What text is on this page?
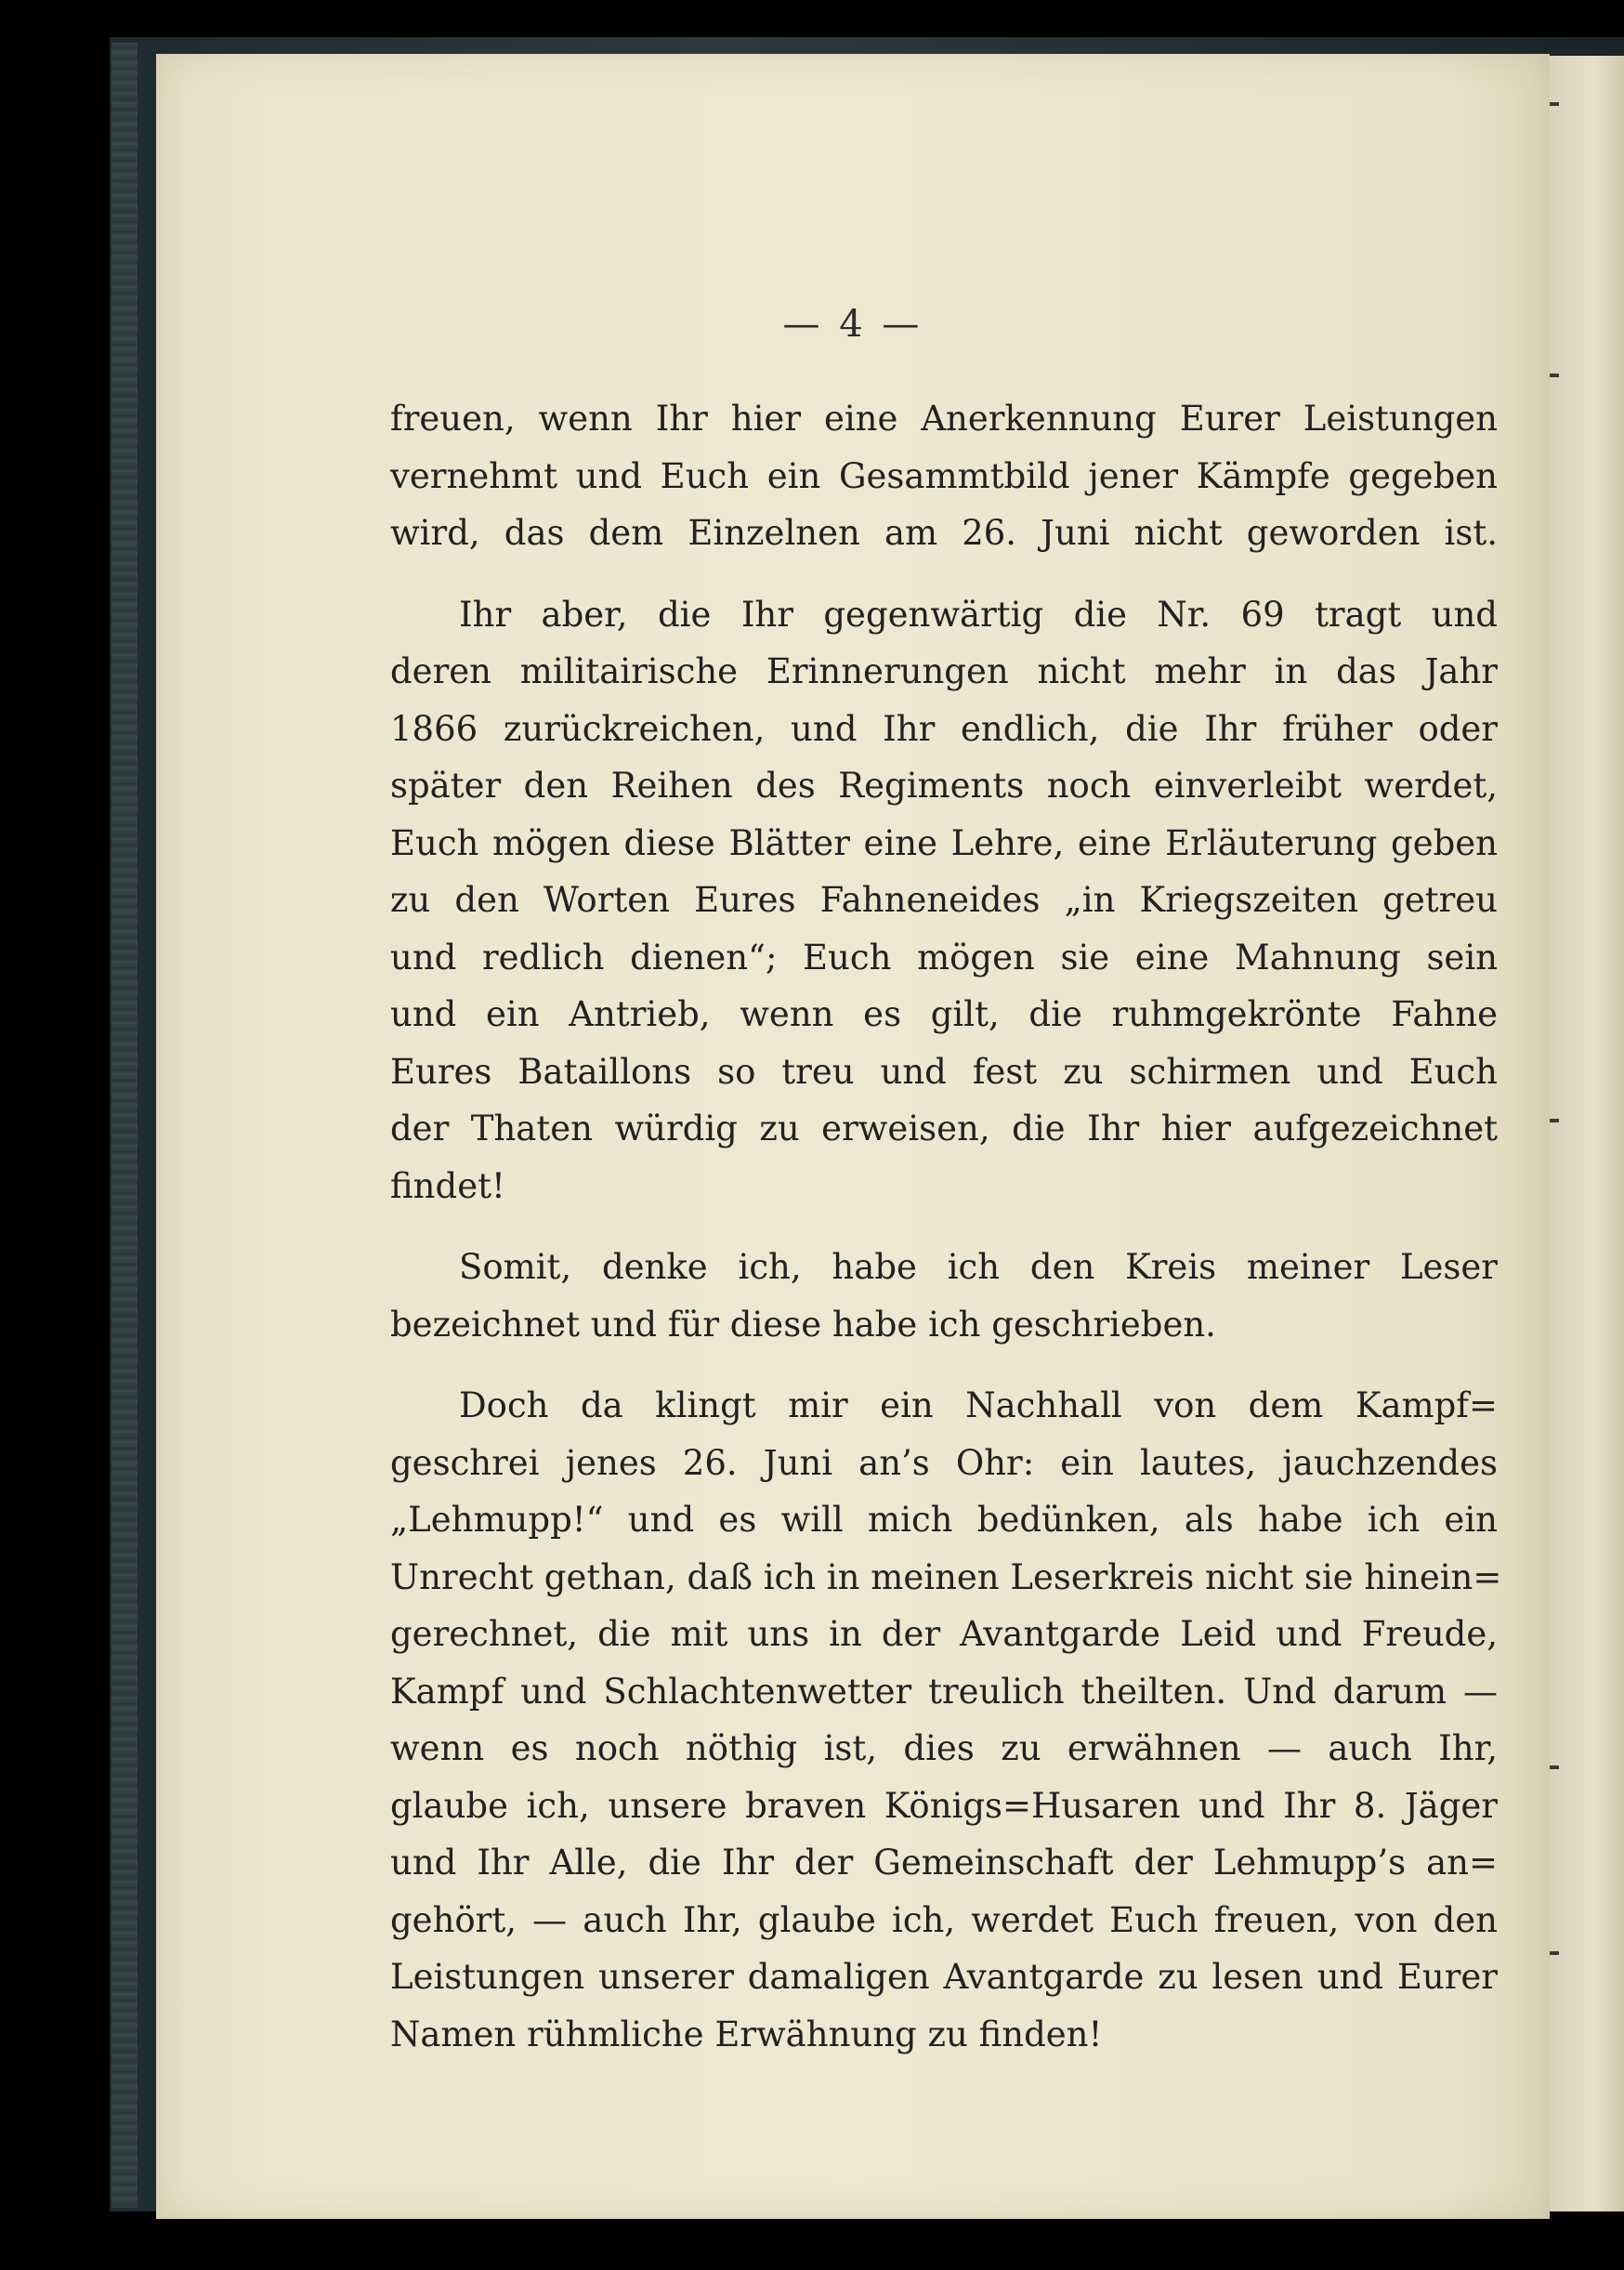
— 4 —
freuen, wenn Ihr hier eine Anerkennung Eurer Leistungen
vernehmt und Euch ein Gesammtbild jener Kämpfe gegeben
wird, das dem Einzelnen am 26. Juni nicht geworden ist.
Ihr aber, die Ihr gegenwärtig die Nr. 69 tragt und
deren militairische Erinnerungen nicht mehr in das Jahr
1866 zurückreichen, und Ihr endlich, die Ihr früher oder
später den Reihen des Regiments noch einverleibt werdet,
Euch mögen diese Blätter eine Lehre, eine Erläuterung geben
zu den Worten Eures Fahneneides „in Kriegszeiten getreu
und redlich dienen“; Euch mögen sie eine Mahnung sein
und ein Antrieb, wenn es gilt, die ruhmgekrönte Fahne
Eures Bataillons so treu und fest zu schirmen und Euch
der Thaten würdig zu erweisen, die Ihr hier aufgezeichnet
findet!
Somit, denke ich, habe ich den Kreis meiner Leser
bezeichnet und für diese habe ich geschrieben.
Doch da klingt mir ein Nachhall von dem Kampf=
geschrei jenes 26. Juni an’s Ohr: ein lautes, jauchzendes
„Lehmupp!“ und es will mich bedünken, als habe ich ein
Unrecht gethan, daß ich in meinen Leserkreis nicht sie hinein=
gerechnet, die mit uns in der Avantgarde Leid und Freude,
Kampf und Schlachtenwetter treulich theilten. Und darum —
wenn es noch nöthig ist, dies zu erwähnen — auch Ihr,
glaube ich, unsere braven Königs=Husaren und Ihr 8. Jäger
und Ihr Alle, die Ihr der Gemeinschaft der Lehmupp’s an=
gehört, — auch Ihr, glaube ich, werdet Euch freuen, von den
Leistungen unserer damaligen Avantgarde zu lesen und Eurer
Namen rühmliche Erwähnung zu finden!
